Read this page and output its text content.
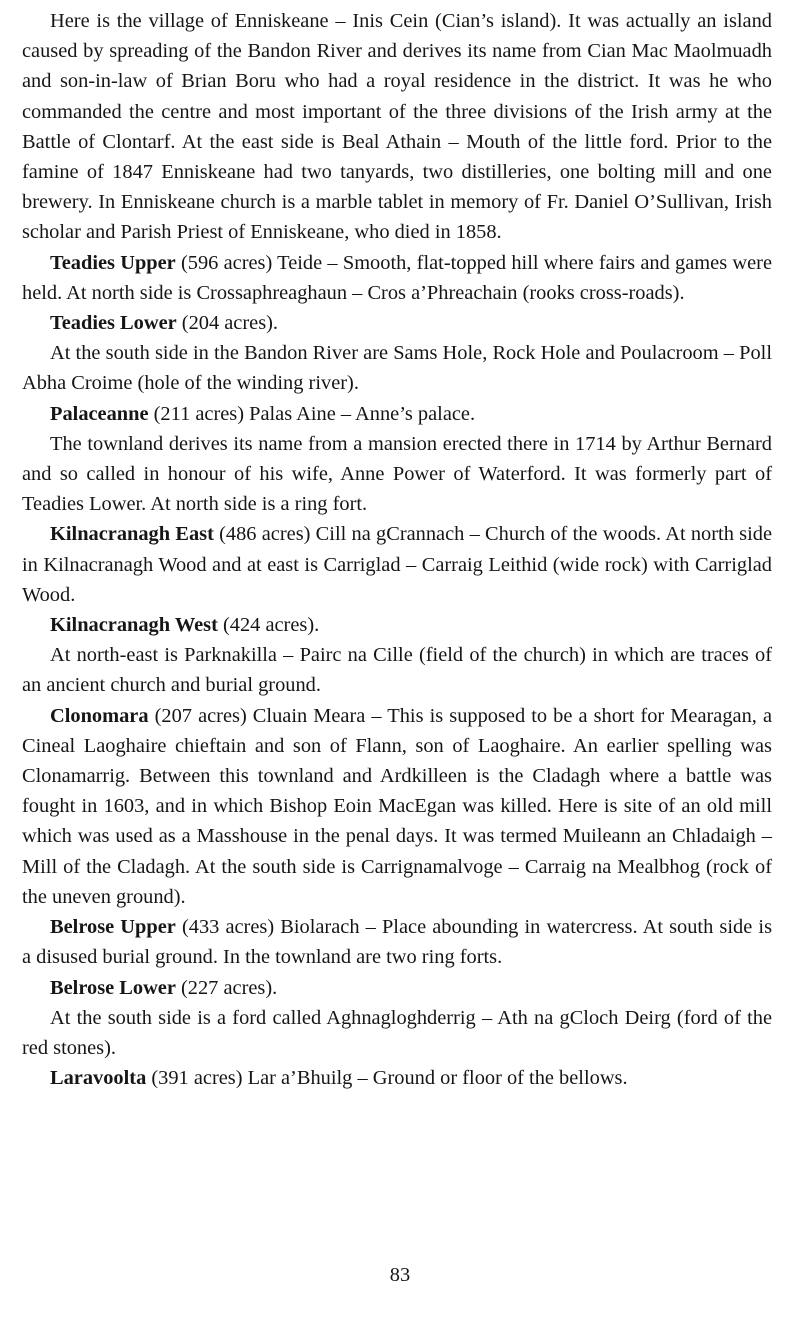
Here is the village of Enniskeane – Inis Cein (Cian’s island). It was actually an island caused by spreading of the Bandon River and derives its name from Cian Mac Maolmuadh and son-in-law of Brian Boru who had a royal residence in the district. It was he who commanded the centre and most important of the three divisions of the Irish army at the Battle of Clontarf. At the east side is Beal Athain – Mouth of the little ford. Prior to the famine of 1847 Enniskeane had two tanyards, two distilleries, one bolting mill and one brewery. In Enniskeane church is a marble tablet in memory of Fr. Daniel O’Sullivan, Irish scholar and Parish Priest of Enniskeane, who died in 1858.

Teadies Upper (596 acres) Teide – Smooth, flat-topped hill where fairs and games were held. At north side is Crossaphreaghaun – Cros a’Phreachain (rooks cross-roads).

Teadies Lower (204 acres).

At the south side in the Bandon River are Sams Hole, Rock Hole and Poulacroom – Poll Abha Croime (hole of the winding river).

Palaceanne (211 acres) Palas Aine – Anne’s palace.

The townland derives its name from a mansion erected there in 1714 by Arthur Bernard and so called in honour of his wife, Anne Power of Waterford. It was formerly part of Teadies Lower. At north side is a ring fort.

Kilnacranagh East (486 acres) Cill na gCrannach – Church of the woods. At north side in Kilnacranagh Wood and at east is Carriglad – Carraig Leithid (wide rock) with Carriglad Wood.

Kilnacranagh West (424 acres).

At north-east is Parknakilla – Pairc na Cille (field of the church) in which are traces of an ancient church and burial ground.

Clonomara (207 acres) Cluain Meara – This is supposed to be a short for Mearagan, a Cineal Laoghaire chieftain and son of Flann, son of Laoghaire. An earlier spelling was Clonamarrig. Between this townland and Ardkilleen is the Cladagh where a battle was fought in 1603, and in which Bishop Eoin MacEgan was killed. Here is site of an old mill which was used as a Masshouse in the penal days. It was termed Muileann an Chladaigh – Mill of the Cladagh. At the south side is Carrignamalvoge – Carraig na Mealbhog (rock of the uneven ground).

Belrose Upper (433 acres) Biolarach – Place abounding in watercress. At south side is a disused burial ground. In the townland are two ring forts.

Belrose Lower (227 acres).

At the south side is a ford called Aghnagloghderrig – Ath na gCloch Deirg (ford of the red stones).

Laravoolta (391 acres) Lar a’Bhuilg – Ground or floor of the bellows.

83
